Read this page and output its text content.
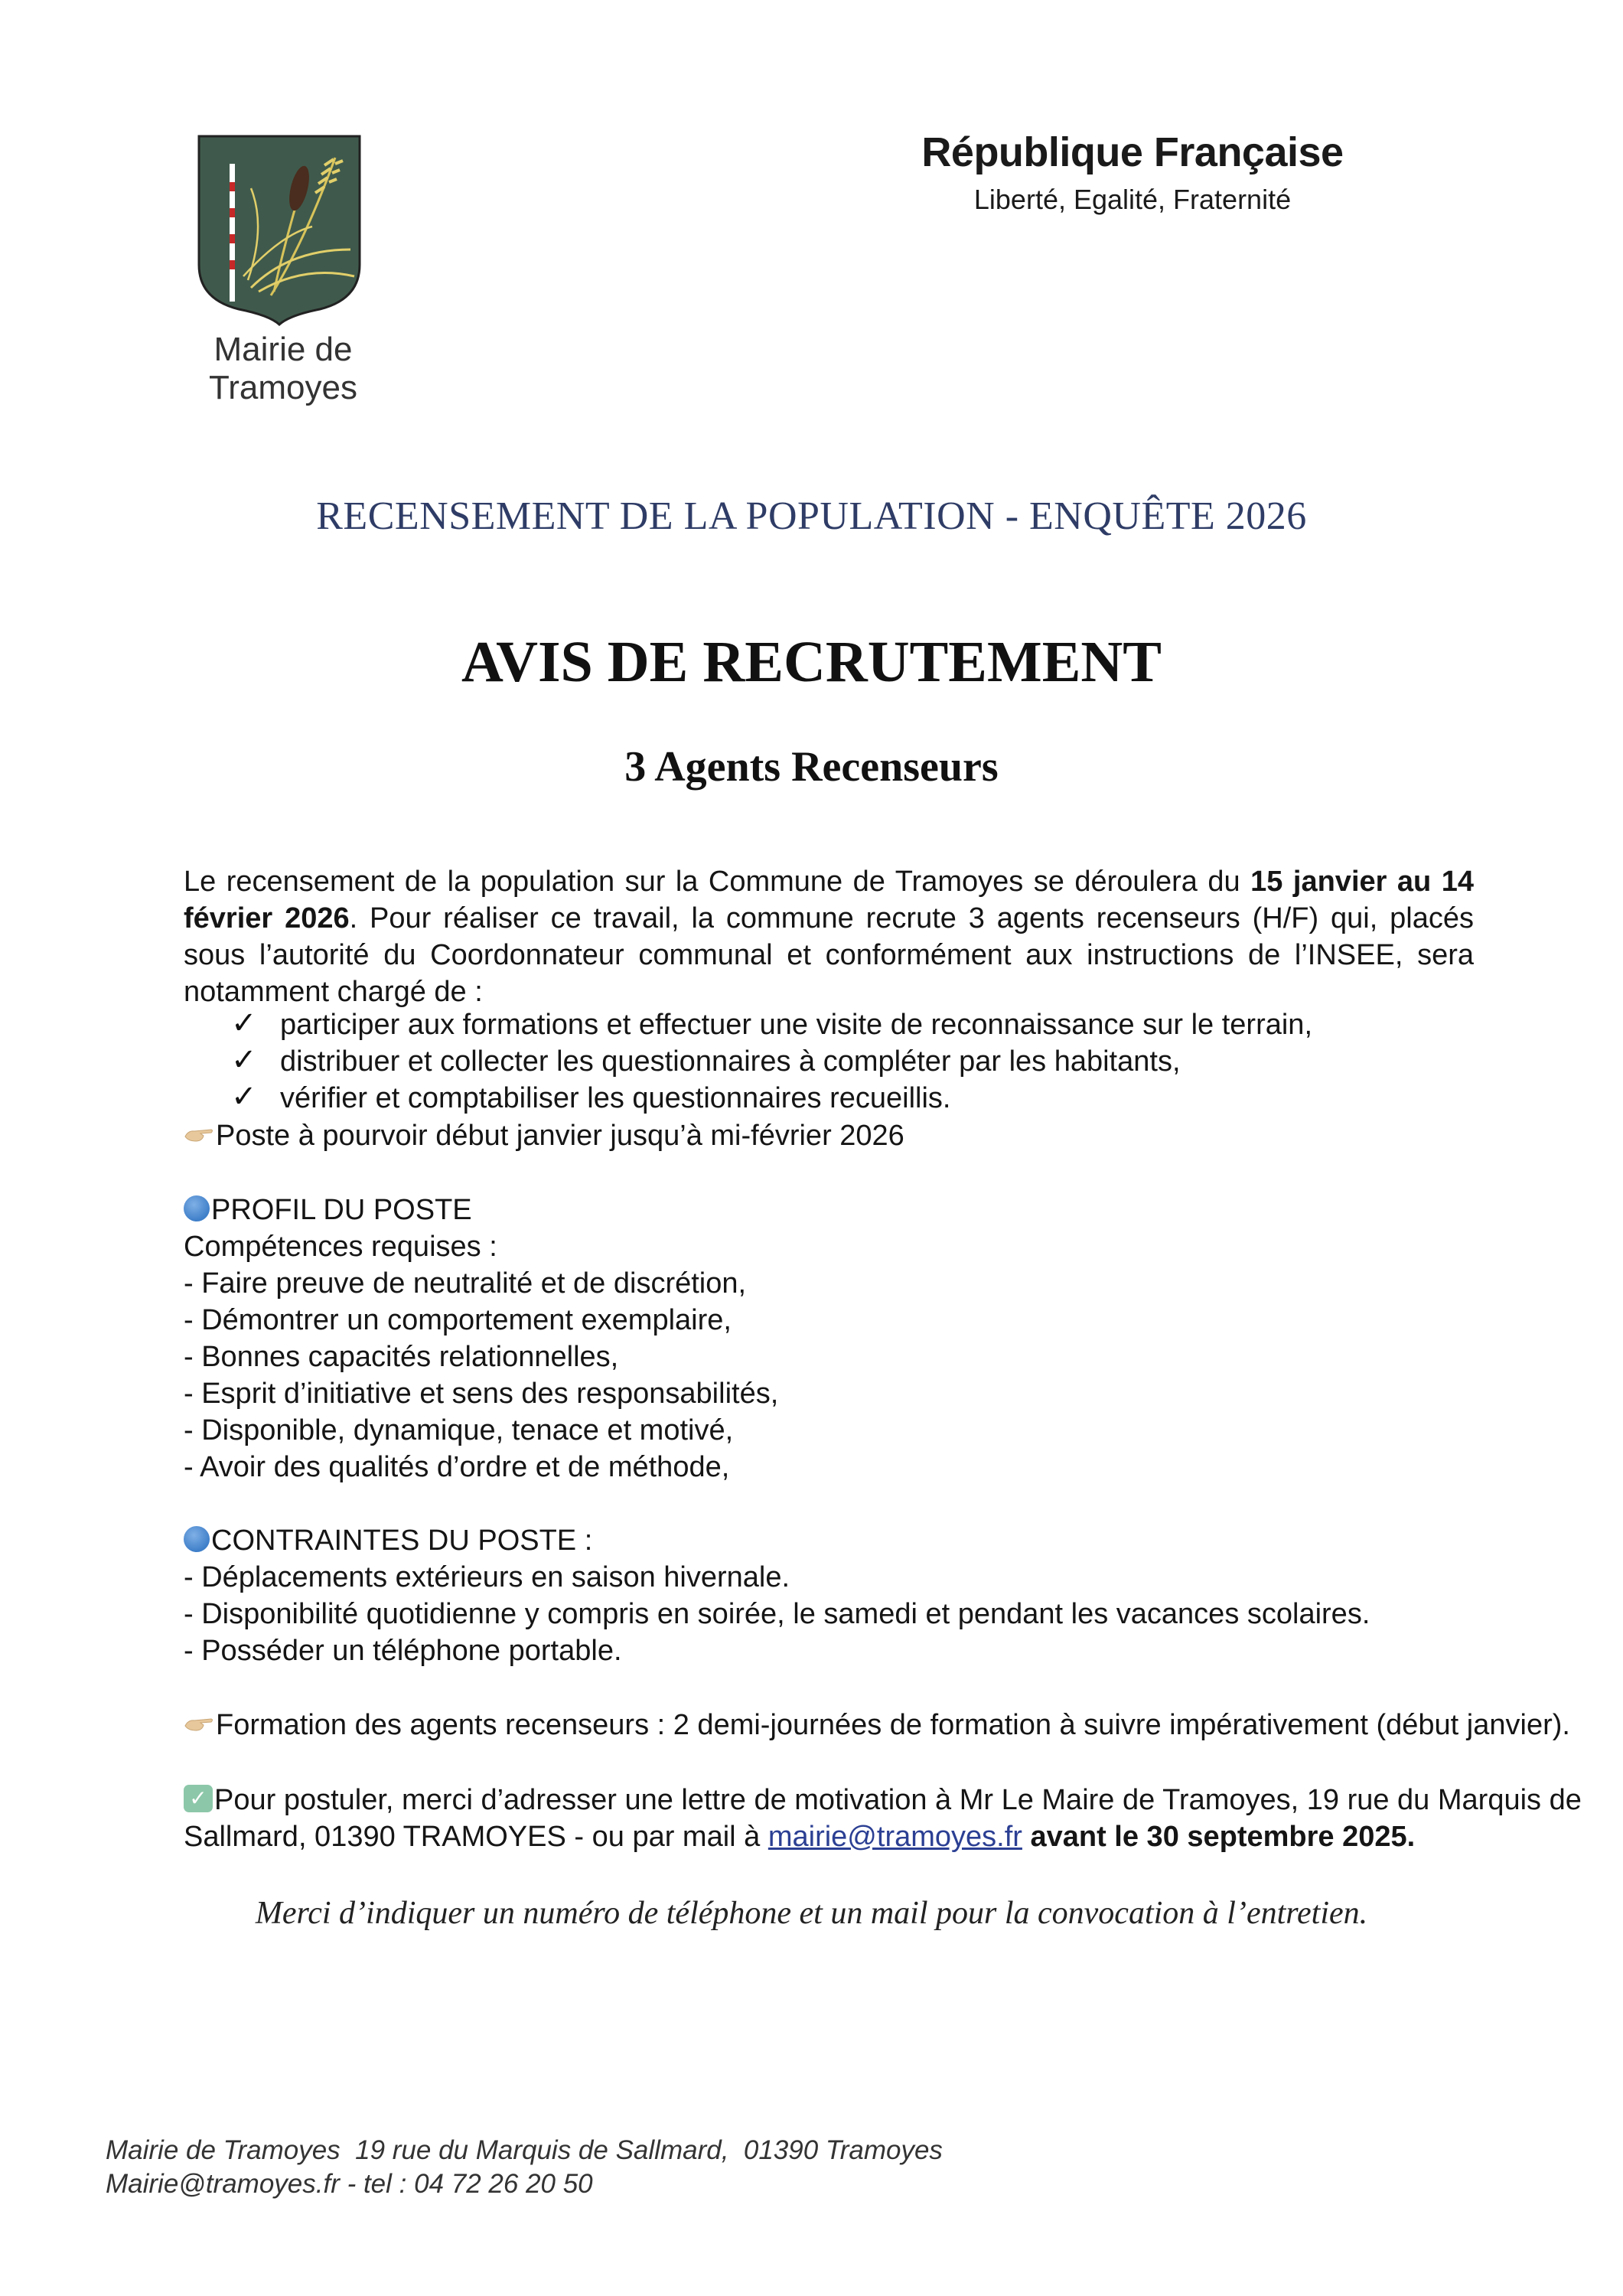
Mairie de Tramoyes
République Française
Liberté, Egalité, Fraternité
RECENSEMENT DE LA POPULATION - ENQUÊTE 2026
AVIS DE RECRUTEMENT
3 Agents Recenseurs
Le recensement de la population sur la Commune de Tramoyes se déroulera du 15 janvier au 14 février 2026. Pour réaliser ce travail, la commune recrute 3 agents recenseurs (H/F) qui, placés sous l’autorité du Coordonnateur communal et conformément aux instructions de l’INSEE, sera notamment chargé de :
✓ participer aux formations et effectuer une visite de reconnaissance sur le terrain,
✓ distribuer et collecter les questionnaires à compléter par les habitants,
✓ vérifier et comptabiliser les questionnaires recueillis.
Poste à pourvoir début janvier jusqu’à mi-février 2026
PROFIL DU POSTE
Compétences requises :
- Faire preuve de neutralité et de discrétion,
- Démontrer un comportement exemplaire,
- Bonnes capacités relationnelles,
- Esprit d’initiative et sens des responsabilités,
- Disponible, dynamique, tenace et motivé,
- Avoir des qualités d’ordre et de méthode,
CONTRAINTES DU POSTE :
- Déplacements extérieurs en saison hivernale.
- Disponibilité quotidienne y compris en soirée, le samedi et pendant les vacances scolaires.
- Posséder un téléphone portable.
Formation des agents recenseurs : 2 demi-journées de formation à suivre impérativement (début janvier).
✓ Pour postuler, merci d’adresser une lettre de motivation à Mr Le Maire de Tramoyes, 19 rue du Marquis de
Sallmard, 01390 TRAMOYES - ou par mail à mairie@tramoyes.fr avant le 30 septembre 2025.
Merci d’indiquer un numéro de téléphone et un mail pour la convocation à l’entretien.
Mairie de Tramoyes  19 rue du Marquis de Sallmard,  01390 Tramoyes
Mairie@tramoyes.fr - tel : 04 72 26 20 50
